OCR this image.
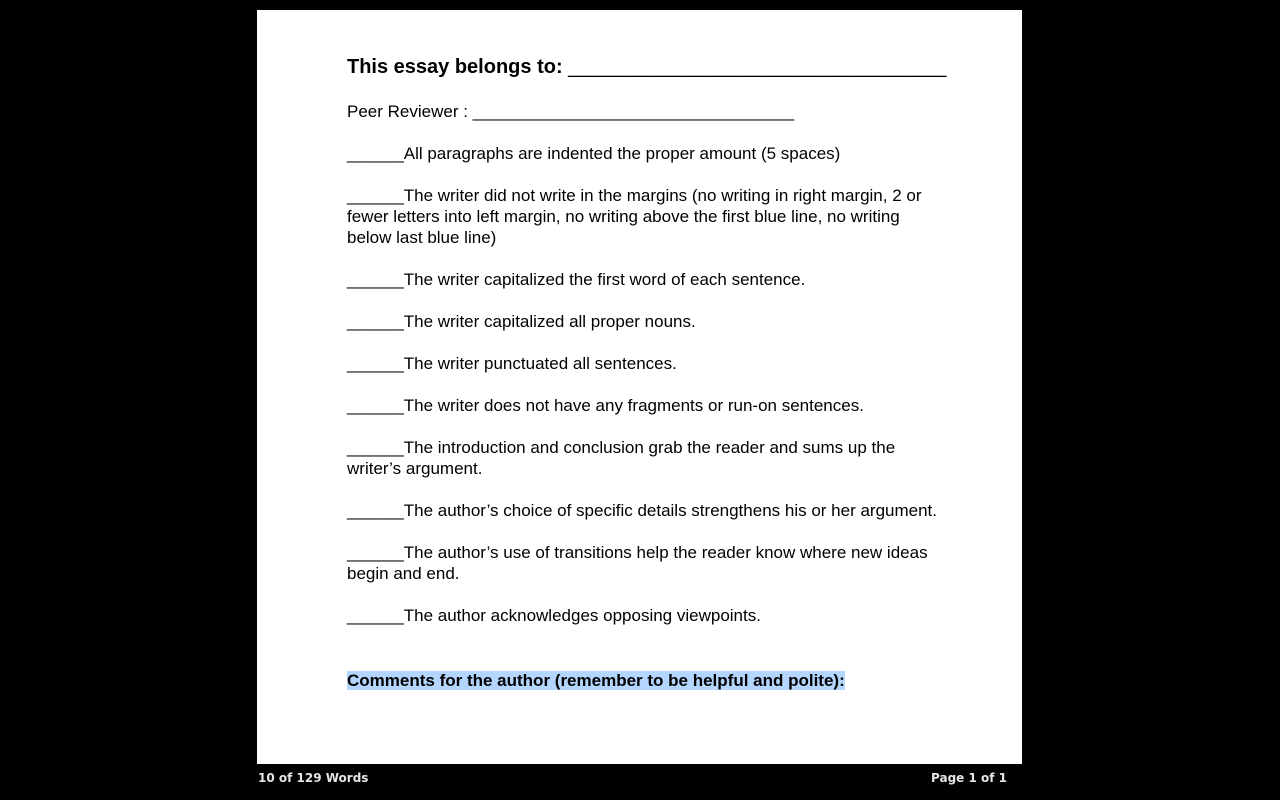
This essay belongs to: __________________________________

Peer Reviewer : __________________________________

______All paragraphs are indented the proper amount (5 spaces)
______The writer did not write in the margins (no writing in right margin, 2 or fewer letters into left margin, no writing above the first blue line, no writing below last blue line)
______The writer capitalized the first word of each sentence.
______The writer capitalized all proper nouns.
______The writer punctuated all sentences.
______The writer does not have any fragments or run-on sentences.
______The introduction and conclusion grab the reader and sums up the writer’s argument.
______The author’s choice of specific details strengthens his or her argument.
______The author’s use of transitions help the reader know where new ideas begin and end.
______The author acknowledges opposing viewpoints.
Comments for the author (remember to be helpful and polite):
10 of 129 Words	Page 1 of 1
